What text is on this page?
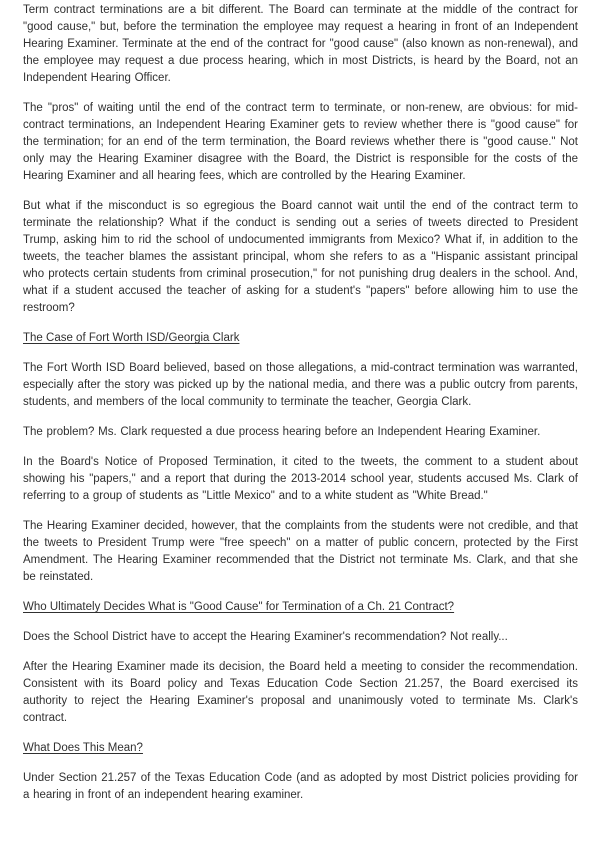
Term contract terminations are a bit different. The Board can terminate at the middle of the contract for "good cause," but, before the termination the employee may request a hearing in front of an Independent Hearing Examiner. Terminate at the end of the contract for "good cause" (also known as non-renewal), and the employee may request a due process hearing, which in most Districts, is heard by the Board, not an Independent Hearing Officer.

The "pros" of waiting until the end of the contract term to terminate, or non-renew, are obvious: for mid-contract terminations, an Independent Hearing Examiner gets to review whether there is "good cause" for the termination; for an end of the term termination, the Board reviews whether there is "good cause." Not only may the Hearing Examiner disagree with the Board, the District is responsible for the costs of the Hearing Examiner and all hearing fees, which are controlled by the Hearing Examiner.

But what if the misconduct is so egregious the Board cannot wait until the end of the contract term to terminate the relationship? What if the conduct is sending out a series of tweets directed to President Trump, asking him to rid the school of undocumented immigrants from Mexico? What if, in addition to the tweets, the teacher blames the assistant principal, whom she refers to as a "Hispanic assistant principal who protects certain students from criminal prosecution," for not punishing drug dealers in the school. And, what if a student accused the teacher of asking for a student's "papers" before allowing him to use the restroom?

The Case of Fort Worth ISD/Georgia Clark

The Fort Worth ISD Board believed, based on those allegations, a mid-contract termination was warranted, especially after the story was picked up by the national media, and there was a public outcry from parents, students, and members of the local community to terminate the teacher, Georgia Clark.

The problem? Ms. Clark requested a due process hearing before an Independent Hearing Examiner.

In the Board's Notice of Proposed Termination, it cited to the tweets, the comment to a student about showing his "papers," and a report that during the 2013-2014 school year, students accused Ms. Clark of referring to a group of students as "Little Mexico" and to a white student as "White Bread."

The Hearing Examiner decided, however, that the complaints from the students were not credible, and that the tweets to President Trump were "free speech" on a matter of public concern, protected by the First Amendment. The Hearing Examiner recommended that the District not terminate Ms. Clark, and that she be reinstated.

Who Ultimately Decides What is "Good Cause" for Termination of a Ch. 21 Contract?

Does the School District have to accept the Hearing Examiner's recommendation? Not really...

After the Hearing Examiner made its decision, the Board held a meeting to consider the recommendation. Consistent with its Board policy and Texas Education Code Section 21.257, the Board exercised its authority to reject the Hearing Examiner's proposal and unanimously voted to terminate Ms. Clark's contract.

What Does This Mean?

Under Section 21.257 of the Texas Education Code (and as adopted by most District policies providing for a hearing in front of an independent hearing examiner.
